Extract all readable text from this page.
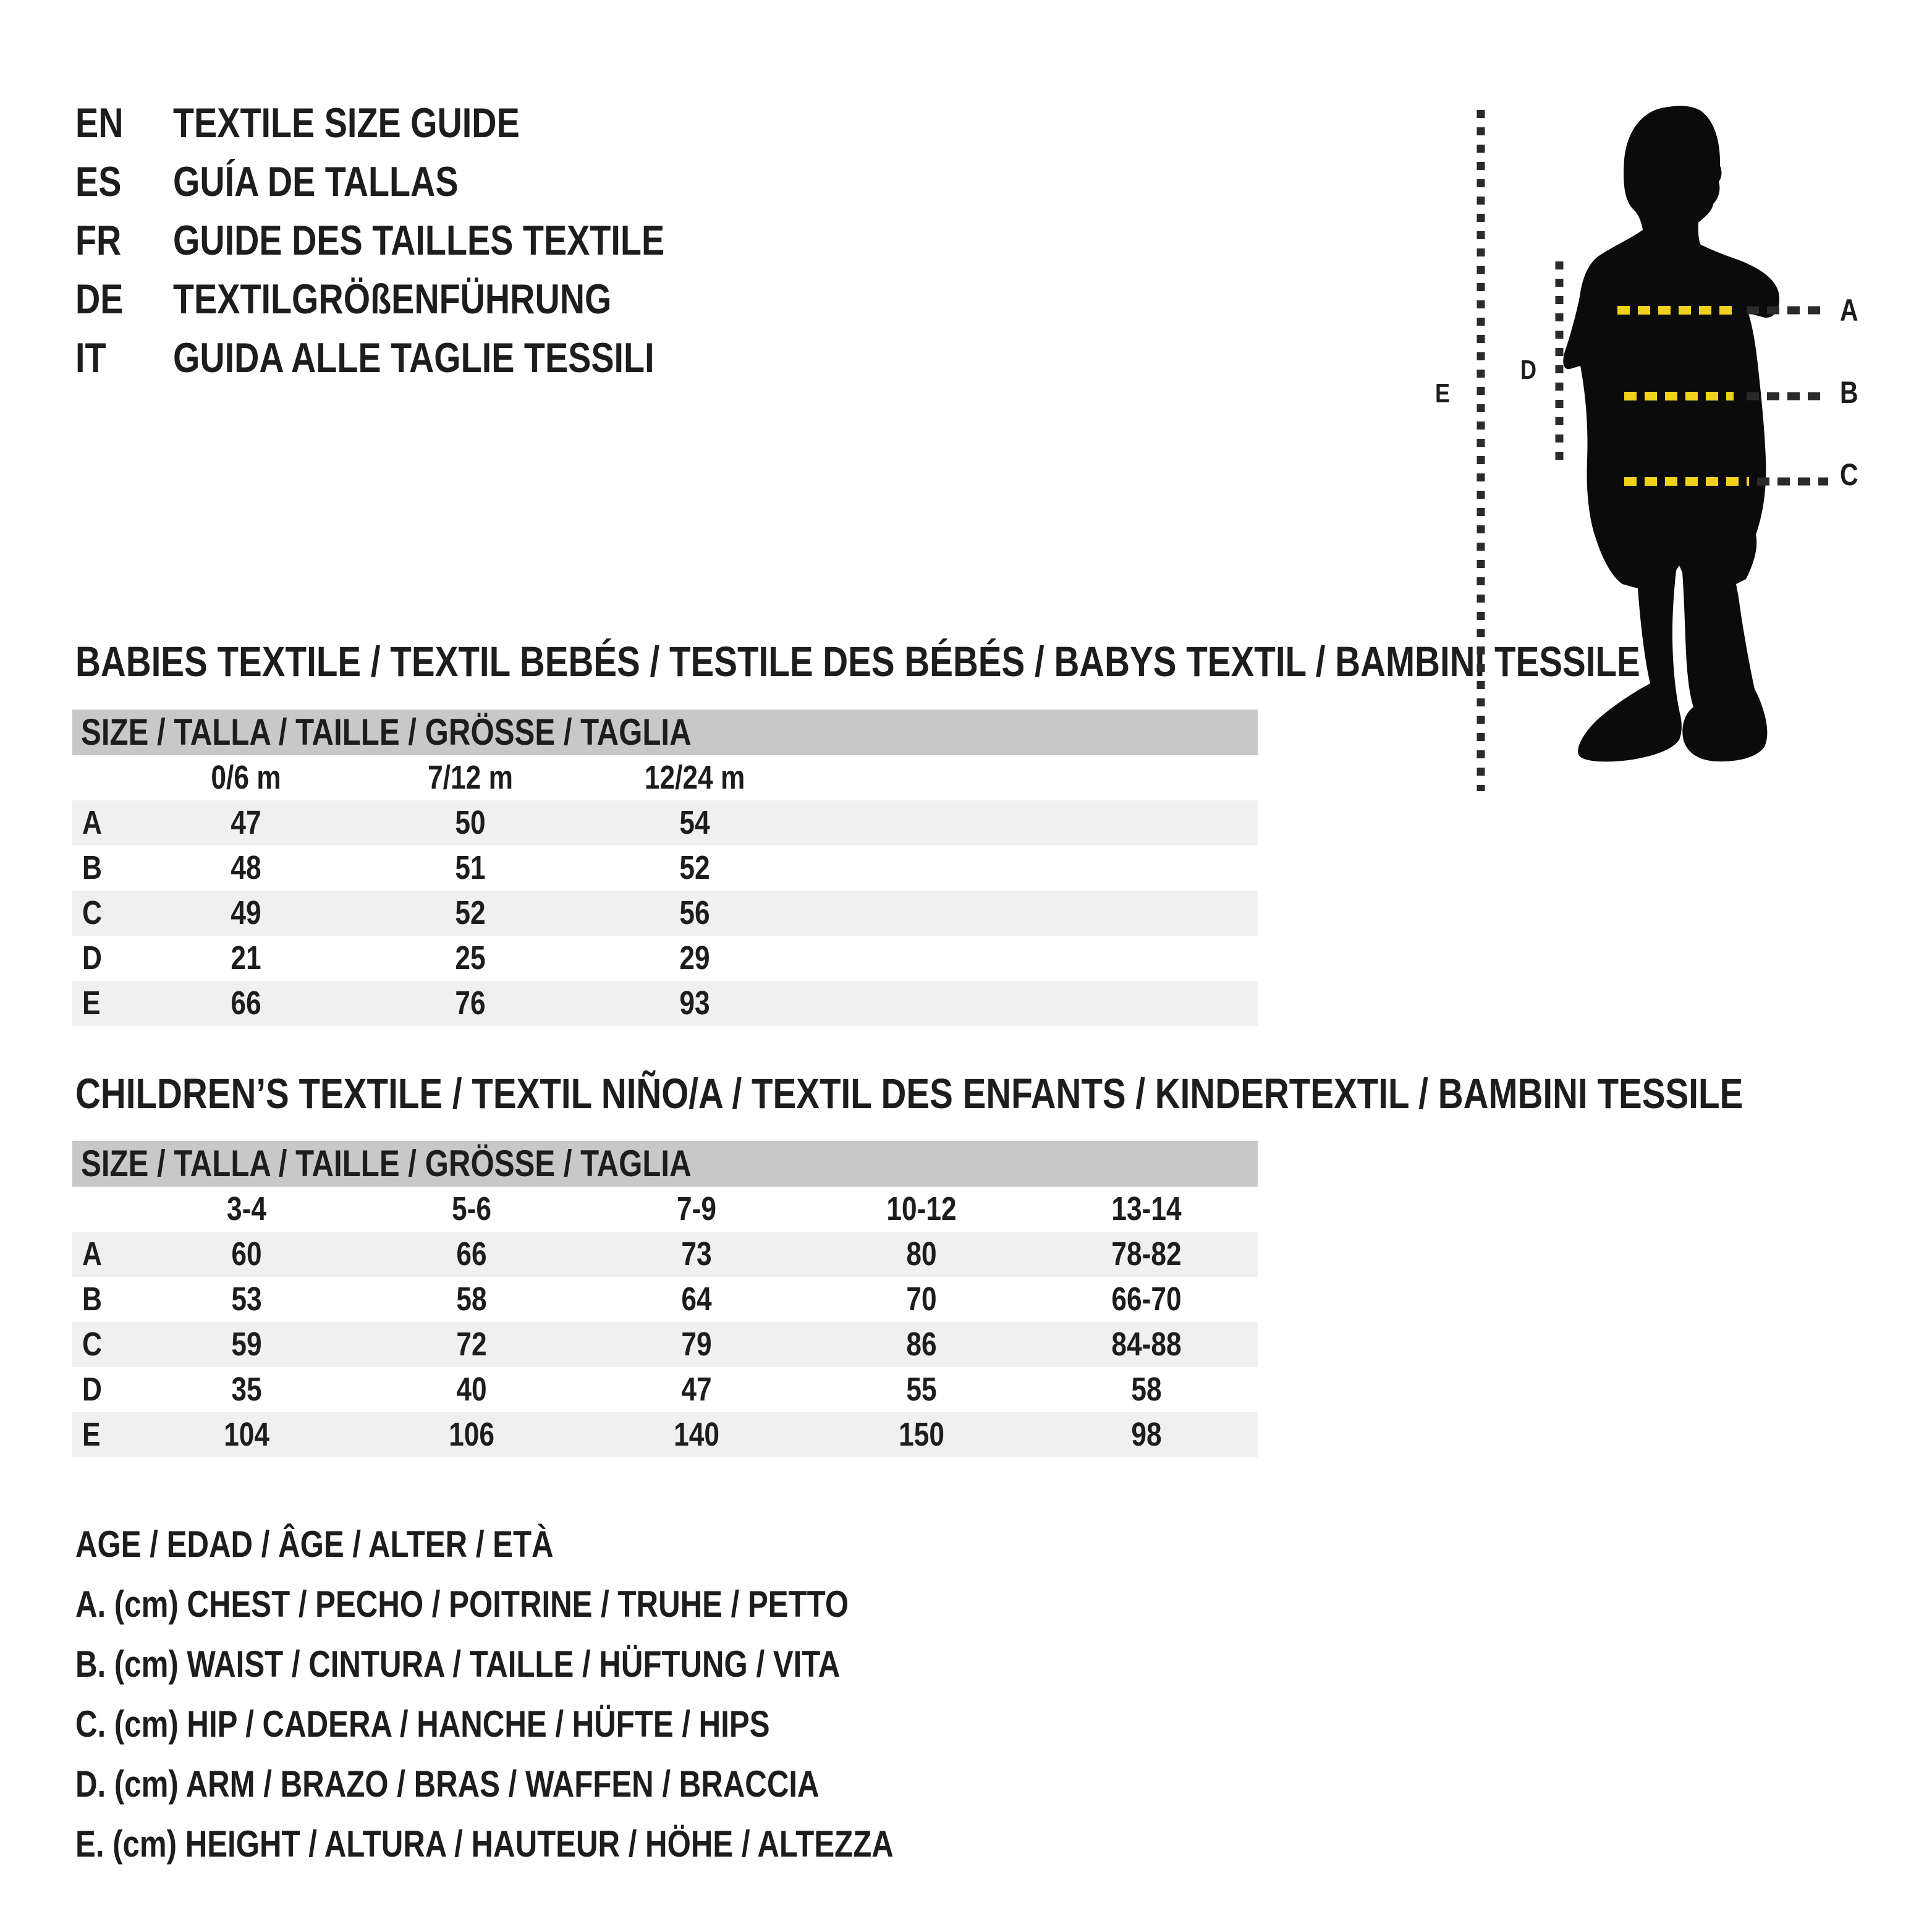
EN	TEXTILE SIZE GUIDE
ES	GUÍA DE TALLAS
FR	GUIDE DES TAILLES TEXTILE
DE	TEXTILGRÖßENFÜHRUNG
IT	GUIDA ALLE TAGLIE TESSILI
BABIES TEXTILE / TEXTIL BEBÉS / TESTILE DES BÉBÉS / BABYS TEXTIL / BAMBINI TESSILE
SIZE / TALLA / TAILLE / GRÖSSE / TAGLIA
0/6 m	7/12 m	12/24 m
A	47	50	54
B	48	51	52
C	49	52	56
D	21	25	29
E	66	76	93
CHILDREN’S TEXTILE / TEXTIL NIÑO/A / TEXTIL DES ENFANTS / KINDERTEXTIL / BAMBINI TESSILE
SIZE / TALLA / TAILLE / GRÖSSE / TAGLIA
3-4	5-6	7-9	10-12	13-14
A	60	66	73	80	78-82
B	53	58	64	70	66-70
C	59	72	79	86	84-88
D	35	40	47	55	58
E	104	106	140	150	98
AGE / EDAD / ÂGE / ALTER / ETÀ
A. (cm) CHEST / PECHO / POITRINE / TRUHE / PETTO
B. (cm) WAIST / CINTURA / TAILLE / HÜFTUNG / VITA
C. (cm) HIP / CADERA / HANCHE / HÜFTE / HIPS
D. (cm) ARM / BRAZO / BRAS / WAFFEN / BRACCIA
E. (cm) HEIGHT / ALTURA / HAUTEUR / HÖHE / ALTEZZA
A
B
C
D
E
